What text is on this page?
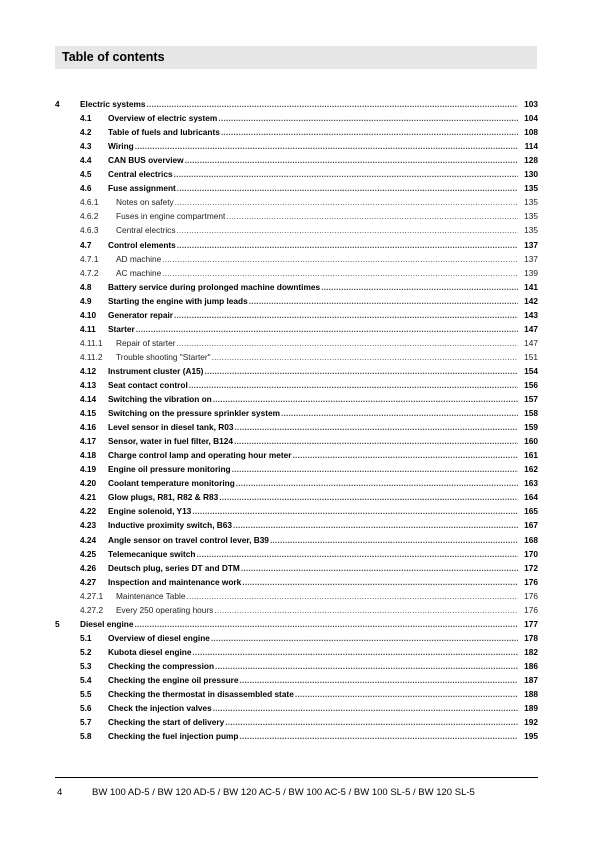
Table of contents
4	Electric systems .....	103
4.1	Overview of electric system .....	104
4.2	Table of fuels and lubricants .....	108
4.3	Wiring .....	114
4.4	CAN BUS overview .....	128
4.5	Central electrics .....	130
4.6	Fuse assignment .....	135
4.6.1	Notes on safety .....	135
4.6.2	Fuses in engine compartment .....	135
4.6.3	Central electrics .....	135
4.7	Control elements .....	137
4.7.1	AD machine .....	137
4.7.2	AC machine .....	139
4.8	Battery service during prolonged machine downtimes .....	141
4.9	Starting the engine with jump leads .....	142
4.10	Generator repair .....	143
4.11	Starter .....	147
4.11.1	Repair of starter .....	147
4.11.2	Trouble shooting "Starter" .....	151
4.12	Instrument cluster (A15) .....	154
4.13	Seat contact control .....	156
4.14	Switching the vibration on .....	157
4.15	Switching on the pressure sprinkler system .....	158
4.16	Level sensor in diesel tank, R03 .....	159
4.17	Sensor, water in fuel filter, B124 .....	160
4.18	Charge control lamp and operating hour meter .....	161
4.19	Engine oil pressure monitoring .....	162
4.20	Coolant temperature monitoring .....	163
4.21	Glow plugs, R81, R82 & R83 .....	164
4.22	Engine solenoid, Y13 .....	165
4.23	Inductive proximity switch, B63 .....	167
4.24	Angle sensor on travel control lever, B39 .....	168
4.25	Telemecanique switch .....	170
4.26	Deutsch plug, series DT and DTM .....	172
4.27	Inspection and maintenance work .....	176
4.27.1	Maintenance Table .....	176
4.27.2	Every 250 operating hours .....	176
5	Diesel engine .....	177
5.1	Overview of diesel engine .....	178
5.2	Kubota diesel engine .....	182
5.3	Checking the compression .....	186
5.4	Checking the engine oil pressure .....	187
5.5	Checking the thermostat in disassembled state .....	188
5.6	Check the injection valves .....	189
5.7	Checking the start of delivery .....	192
5.8	Checking the fuel injection pump .....	195
4	BW 100 AD-5 / BW 120 AD-5 / BW 120 AC-5 / BW 100 AC-5 / BW 100 SL-5 / BW 120 SL-5
